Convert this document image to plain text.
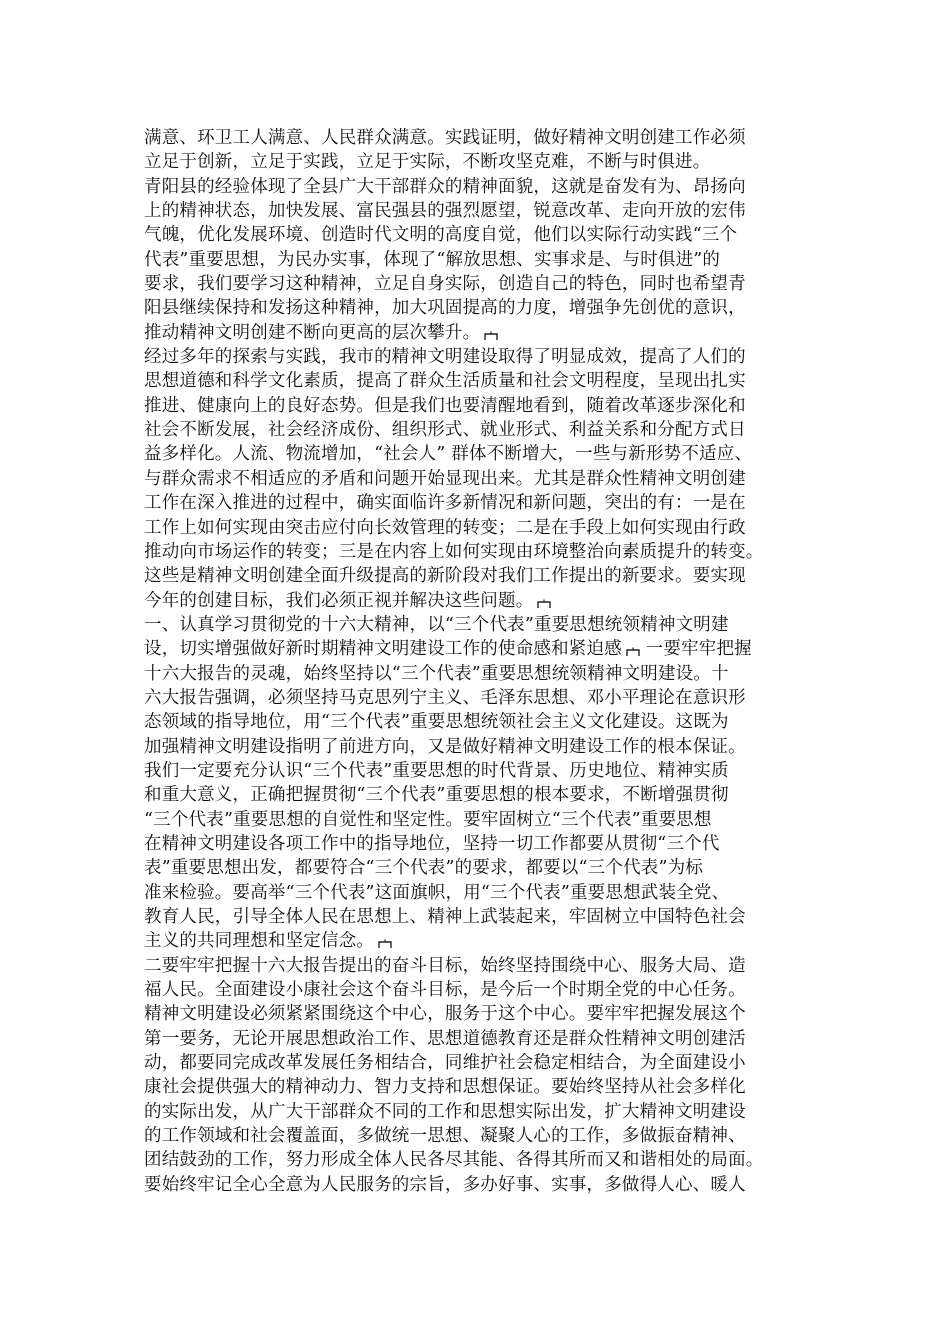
满意、环卫工人满意、人民群众满意。实践证明，做好精神文明创建工作必须
立足于创新，立足于实践，立足于实际，不断攻坚克难，不断与时俱进。
青阳县的经验体现了全县广大干部群众的精神面貌，这就是奋发有为、昂扬向
上的精神状态，加快发展、富民强县的强烈愿望，锐意改革、走向开放的宏伟
气魄，优化发展环境、创造时代文明的高度自觉，他们以实际行动实践“三个
代表”重要思想，为民办实事，体现了“解放思想、实事求是、与时俱进”的
要求，我们要学习这种精神，立足自身实际，创造自己的特色，同时也希望青
阳县继续保持和发扬这种精神，加大巩固提高的力度，增强争先创优的意识，
推动精神文明创建不断向更高的层次攀升。
经过多年的探索与实践，我市的精神文明建设取得了明显成效，提高了人们的
思想道德和科学文化素质，提高了群众生活质量和社会文明程度，呈现出扎实
推进、健康向上的良好态势。但是我们也要清醒地看到，随着改革逐步深化和
社会不断发展，社会经济成份、组织形式、就业形式、利益关系和分配方式日
益多样化。人流、物流增加，“社会人” 群体不断增大，一些与新形势不适应、
与群众需求不相适应的矛盾和问题开始显现出来。尤其是群众性精神文明创建
工作在深入推进的过程中，确实面临许多新情况和新问题，突出的有：一是在
工作上如何实现由突击应付向长效管理的转变；二是在手段上如何实现由行政
推动向市场运作的转变；三是在内容上如何实现由环境整治向素质提升的转变。
这些是精神文明创建全面升级提高的新阶段对我们工作提出的新要求。要实现
今年的创建目标，我们必须正视并解决这些问题。
一、认真学习贯彻党的十六大精神，以“三个代表”重要思想统领精神文明建
设，切实增强做好新时期精神文明建设工作的使命感和紧迫感
一要牢牢把握
十六大报告的灵魂，始终坚持以“三个代表”重要思想统领精神文明建设。十
六大报告强调，必须坚持马克思列宁主义、毛泽东思想、邓小平理论在意识形
态领域的指导地位，用“三个代表”重要思想统领社会主义文化建设。这既为
加强精神文明建设指明了前进方向，又是做好精神文明建设工作的根本保证。
我们一定要充分认识“三个代表”重要思想的时代背景、历史地位、精神实质
和重大意义，正确把握贯彻“三个代表”重要思想的根本要求，不断增强贯彻
“三个代表”重要思想的自觉性和坚定性。要牢固树立“三个代表”重要思想
在精神文明建设各项工作中的指导地位，坚持一切工作都要从贯彻“三个代
表”重要思想出发，都要符合“三个代表”的要求，都要以“三个代表”为标
准来检验。要高举“三个代表”这面旗帜，用“三个代表”重要思想武装全党、
教育人民，引导全体人民在思想上、精神上武装起来，牢固树立中国特色社会
主义的共同理想和坚定信念。
二要牢牢把握十六大报告提出的奋斗目标，始终坚持围绕中心、服务大局、造
福人民。全面建设小康社会这个奋斗目标，是今后一个时期全党的中心任务。
精神文明建设必须紧紧围绕这个中心，服务于这个中心。要牢牢把握发展这个
第一要务，无论开展思想政治工作、思想道德教育还是群众性精神文明创建活
动，都要同完成改革发展任务相结合，同维护社会稳定相结合，为全面建设小
康社会提供强大的精神动力、智力支持和思想保证。要始终坚持从社会多样化
的实际出发，从广大干部群众不同的工作和思想实际出发，扩大精神文明建设
的工作领域和社会覆盖面，多做统一思想、凝聚人心的工作，多做振奋精神、
团结鼓劲的工作，努力形成全体人民各尽其能、各得其所而又和谐相处的局面。
要始终牢记全心全意为人民服务的宗旨，多办好事、实事，多做得人心、暖人
